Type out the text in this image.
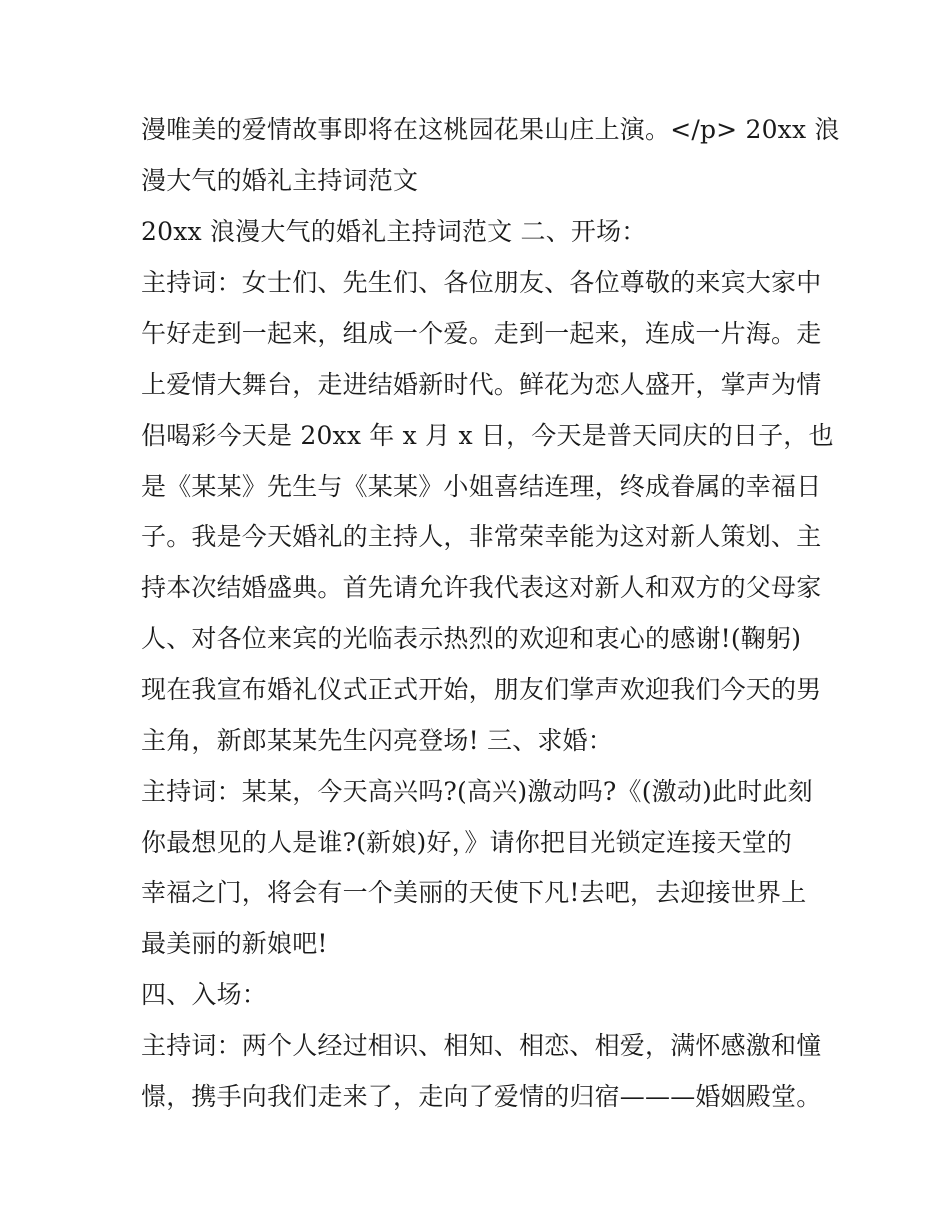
漫唯美的爱情故事即将在这桃园花果山庄上演。</p> 20xx 浪
漫大气的婚礼主持词范文
20xx 浪漫大气的婚礼主持词范文 二、开场：
主持词：女士们、先生们、各位朋友、各位尊敬的来宾大家中
午好走到一起来，组成一个爱。走到一起来，连成一片海。走
上爱情大舞台，走进结婚新时代。鲜花为恋人盛开，掌声为情
侣喝彩今天是 20xx 年 x 月 x 日，今天是普天同庆的日子，也
是《某某》先生与《某某》小姐喜结连理，终成眷属的幸福日
子。我是今天婚礼的主持人，非常荣幸能为这对新人策划、主
持本次结婚盛典。首先请允许我代表这对新人和双方的父母家
人、对各位来宾的光临表示热烈的欢迎和衷心的感谢!(鞠躬)
现在我宣布婚礼仪式正式开始，朋友们掌声欢迎我们今天的男
主角，新郎某某先生闪亮登场! 三、求婚：
主持词：某某，今天高兴吗?(高兴)激动吗?《(激动)此时此刻
你最想见的人是谁?(新娘)好，》请你把目光锁定连接天堂的
幸福之门，将会有一个美丽的天使下凡!去吧，去迎接世界上
最美丽的新娘吧!
四、入场：
主持词：两个人经过相识、相知、相恋、相爱，满怀感激和憧
憬，携手向我们走来了，走向了爱情的归宿———婚姻殿堂。
